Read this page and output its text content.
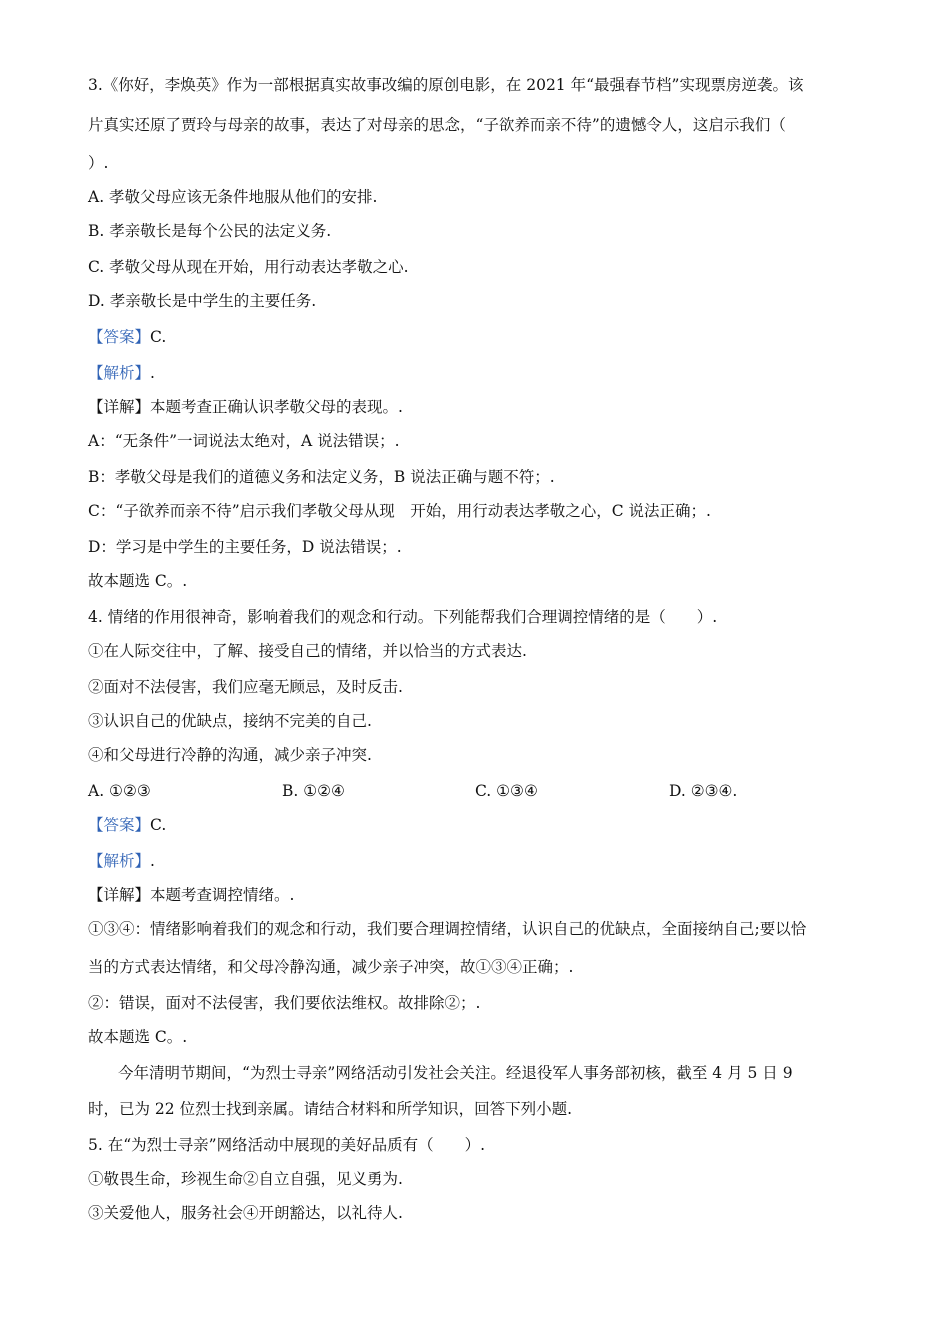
3.《你好，李焕英》作为一部根据真实故事改编的原创电影，在 2021 年“最强春节档”实现票房逆袭。该
片真实还原了贾玲与母亲的故事，表达了对母亲的思念，“子欲养而亲不待”的遗憾令人，这启示我们（
）.
A. 孝敬父母应该无条件地服从他们的安排.
B. 孝亲敬长是每个公民的法定义务.
C. 孝敬父母从现在开始，用行动表达孝敬之心.
D. 孝亲敬长是中学生的主要任务.
【答案】C.
【解析】.
【详解】本题考查正确认识孝敬父母的表现。.
A：“无条件”一词说法太绝对，A 说法错误；.
B：孝敬父母是我们的道德义务和法定义务，B 说法正确与题不符；.
C：“子欲养而亲不待”启示我们孝敬父母从现　开始，用行动表达孝敬之心，C 说法正确；.
D：学习是中学生的主要任务，D 说法错误；.
故本题选 C。.
4. 情绪的作用很神奇，影响着我们的观念和行动。下列能帮我们合理调控情绪的是（　　）.
①在人际交往中，了解、接受自己的情绪，并以恰当的方式表达.
②面对不法侵害，我们应毫无顾忌，及时反击.
③认识自己的优缺点，接纳不完美的自己.
④和父母进行冷静的沟通，减少亲子冲突.
A. ①②③	B. ①②④	C. ①③④	D. ②③④.
【答案】C.
【解析】.
【详解】本题考查调控情绪。.
①③④：情绪影响着我们的观念和行动，我们要合理调控情绪，认识自己的优缺点，全面接纳自己;要以恰
当的方式表达情绪，和父母冷静沟通，减少亲子冲突，故①③④正确；.
②：错误，面对不法侵害，我们要依法维权。故排除②；.
故本题选 C。.
今年清明节期间，“为烈士寻亲”网络活动引发社会关注。经退役军人事务部初核，截至 4 月 5 日 9
时，已为 22 位烈士找到亲属。请结合材料和所学知识，回答下列小题.
5. 在“为烈士寻亲”网络活动中展现的美好品质有（　　）.
①敬畏生命，珍视生命②自立自强，见义勇为.
③关爱他人，服务社会④开朗豁达，以礼待人.
